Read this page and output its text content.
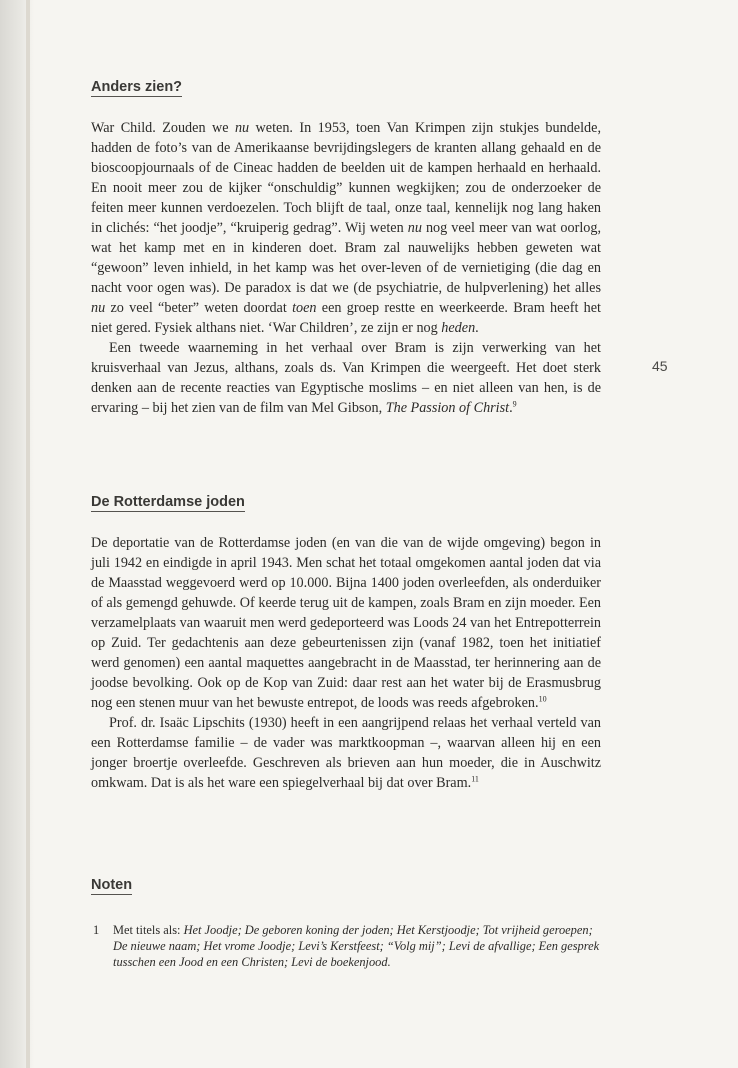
Anders zien?

War Child. Zouden we nu weten. In 1953, toen Van Krimpen zijn stukjes bundelde, hadden de foto’s van de Amerikaanse bevrijdingslegers de kranten allang gehaald en de bioscoopjournaals of de Cineac hadden de beelden uit de kampen herhaald en herhaald. En nooit meer zou de kijker “onschuldig” kunnen wegkijken; zou de onderzoeker de feiten meer kunnen verdoezelen. Toch blijft de taal, onze taal, kennelijk nog lang haken in clichés: “het joodje”, “kruiperig gedrag”. Wij weten nu nog veel meer van wat oorlog, wat het kamp met en in kinderen doet. Bram zal nauwelijks hebben geweten wat “gewoon” leven inhield, in het kamp was het over-leven of de vernietiging (die dag en nacht voor ogen was). De paradox is dat we (de psychiatrie, de hulpverlening) het alles nu zo veel “beter” weten doordat toen een groep restte en weerkeerde. Bram heeft het niet gered. Fysiek althans niet. ‘War Children’, ze zijn er nog heden.

Een tweede waarneming in het verhaal over Bram is zijn verwerking van het kruisverhaal van Jezus, althans, zoals ds. Van Krimpen die weergeeft. Het doet sterk denken aan de recente reacties van Egyptische moslims – en niet alleen van hen, is de ervaring – bij het zien van de film van Mel Gibson, The Passion of Christ.$^9$

De Rotterdamse joden

De deportatie van de Rotterdamse joden (en van die van de wijde omgeving) begon in juli 1942 en eindigde in april 1943. Men schat het totaal omgekomen aantal joden dat via de Maasstad weggevoerd werd op 10.000. Bijna 1400 joden overleefden, als onderduiker of als gemengd gehuwde. Of keerde terug uit de kampen, zoals Bram en zijn moeder. Een verzamelplaats van waaruit men werd gedeporteerd was Loods 24 van het Entrepotterrein op Zuid. Ter gedachtenis aan deze gebeurtenissen zijn (vanaf 1982, toen het initiatief werd genomen) een aantal maquettes aangebracht in de Maasstad, ter herinnering aan de joodse bevolking. Ook op de Kop van Zuid: daar rest aan het water bij de Erasmusbrug nog een stenen muur van het bewuste entrepot, de loods was reeds afgebroken.$^{10}$

Prof. dr. Isaäc Lipschits (1930) heeft in een aangrijpend relaas het verhaal verteld van een Rotterdamse familie – de vader was marktkoopman –, waarvan alleen hij en een jonger broertje overleefde. Geschreven als brieven aan hun moeder, die in Auschwitz omkwam. Dat is als het ware een spiegelverhaal bij dat over Bram.$^{11}$

Noten
1	Met titels als: Het Joodje; De geboren koning der joden; Het Kerstjoodje; Tot vrijheid geroepen; De nieuwe naam; Het vrome Joodje; Levi’s Kerstfeest; “Volg mij”; Levi de afvallige; Een gesprek tusschen een Jood en een Christen; Levi de boekenjood.
45
